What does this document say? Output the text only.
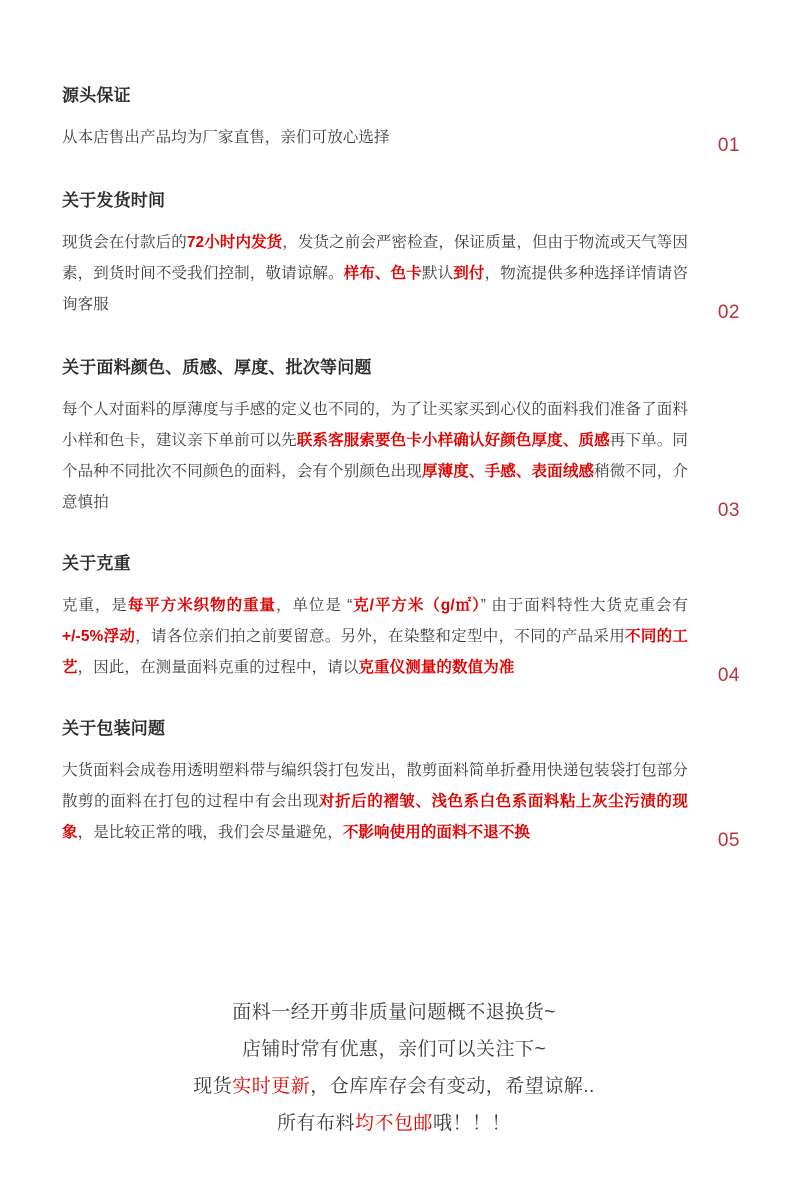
源头保证

从本店售出产品均为厂家直售，亲们可放心选择	01
关于发货时间

现货会在付款后的72小时内发货，发货之前会严密检查，保证质量，但由于物流或天气等因素，到货时间不受我们控制，敬请谅解。样布、色卡默认到付，物流提供多种选择详情请咨询客服	02
关于面料颜色、质感、厚度、批次等问题

每个人对面料的厚薄度与手感的定义也不同的，为了让买家买到心仪的面料我们准备了面料小样和色卡，建议亲下单前可以先联系客服索要色卡小样确认好颜色厚度、质感再下单。同个品种不同批次不同颜色的面料，会有个别颜色出现厚薄度、手感、表面绒感稍微不同，介意慎拍	03
关于克重

克重，是每平方米织物的重量，单位是 “克/平方米（g/㎡）” 由于面料特性大货克重会有+/-5%浮动，请各位亲们拍之前要留意。另外，在染整和定型中，不同的产品采用不同的工艺，因此，在测量面料克重的过程中，请以克重仪测量的数值为准	04
关于包装问题

大货面料会成卷用透明塑料带与编织袋打包发出，散剪面料简单折叠用快递包装袋打包部分散剪的面料在打包的过程中有会出现对折后的褶皱、浅色系白色系面料粘上灰尘污渍的现象，是比较正常的哦，我们会尽量避免，不影响使用的面料不退不换	05
面料一经开剪非质量问题概不退换货~
店铺时常有优惠，亲们可以关注下~
现货实时更新，仓库库存会有变动，希望谅解..
所有布料均不包邮哦！！！
